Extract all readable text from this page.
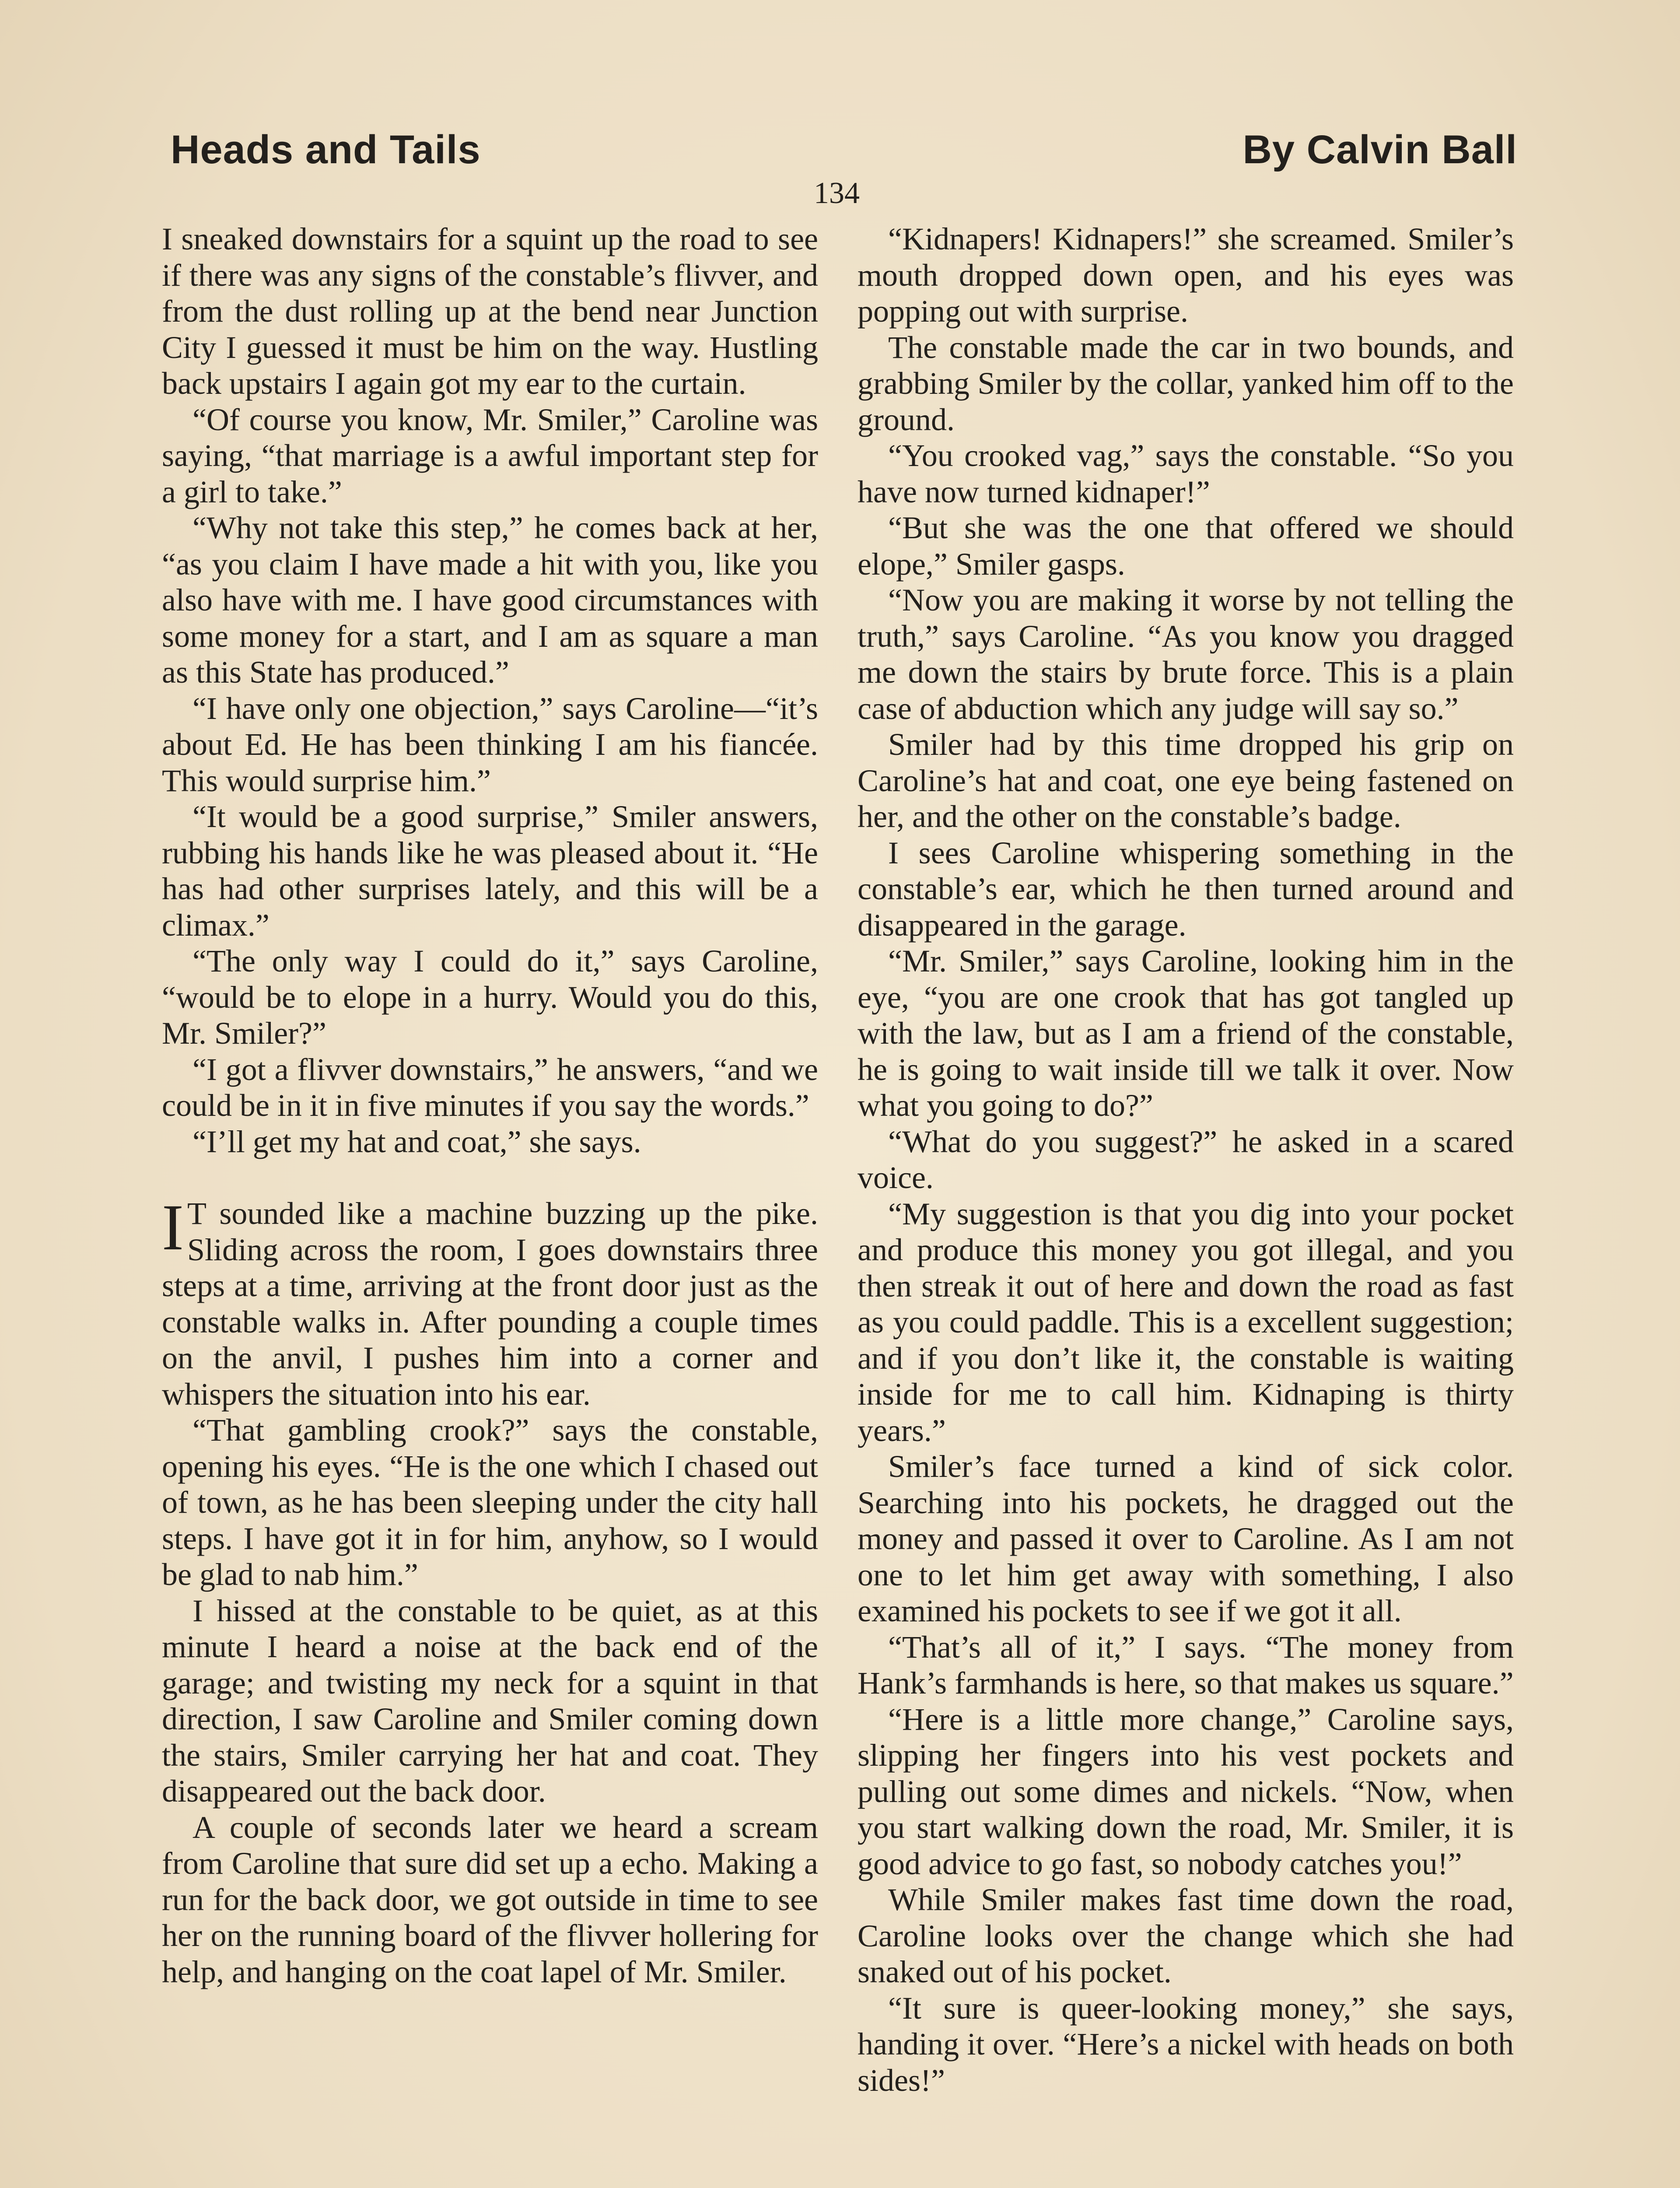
Heads and Tails	By Calvin Ball
134

I sneaked downstairs for a squint up the road to see if there was any signs of the constable’s flivver, and from the dust rolling up at the bend near Junction City I guessed it must be him on the way. Hustling back upstairs I again got my ear to the curtain.

“Of course you know, Mr. Smiler,” Caroline was saying, “that marriage is a awful important step for a girl to take.”

“Why not take this step,” he comes back at her, “as you claim I have made a hit with you, like you also have with me. I have good circumstances with some money for a start, and I am as square a man as this State has produced.”

“I have only one objection,” says Caroline—“it’s about Ed. He has been thinking I am his fiancée. This would surprise him.”

“It would be a good surprise,” Smiler answers, rubbing his hands like he was pleased about it. “He has had other surprises lately, and this will be a climax.”

“The only way I could do it,” says Caroline, “would be to elope in a hurry. Would you do this, Mr. Smiler?”

“I got a flivver downstairs,” he answers, “and we could be in it in five minutes if you say the words.”

“I’ll get my hat and coat,” she says.

I T sounded like a machine buzzing up the pike. Sliding across the room, I goes downstairs three steps at a time, arriving at the front door just as the constable walks in. After pounding a couple times on the anvil, I pushes him into a corner and whispers the situation into his ear.

“That gambling crook?” says the constable, opening his eyes. “He is the one which I chased out of town, as he has been sleeping under the city hall steps. I have got it in for him, anyhow, so I would be glad to nab him.”

I hissed at the constable to be quiet, as at this minute I heard a noise at the back end of the garage; and twisting my neck for a squint in that direction, I saw Caroline and Smiler coming down the stairs, Smiler carrying her hat and coat. They disappeared out the back door.

A couple of seconds later we heard a scream from Caroline that sure did set up a echo. Making a run for the back door, we got outside in time to see her on the running board of the flivver hollering for help, and hanging on the coat lapel of Mr. Smiler.

“Kidnapers! Kidnapers!” she screamed. Smiler’s mouth dropped down open, and his eyes was popping out with surprise.

The constable made the car in two bounds, and grabbing Smiler by the collar, yanked him off to the ground.

“You crooked vag,” says the constable. “So you have now turned kidnaper!”

“But she was the one that offered we should elope,” Smiler gasps.

“Now you are making it worse by not telling the truth,” says Caroline. “As you know you dragged me down the stairs by brute force. This is a plain case of abduction which any judge will say so.”

Smiler had by this time dropped his grip on Caroline’s hat and coat, one eye being fastened on her, and the other on the constable’s badge.

I sees Caroline whispering something in the constable’s ear, which he then turned around and disappeared in the garage.

“Mr. Smiler,” says Caroline, looking him in the eye, “you are one crook that has got tangled up with the law, but as I am a friend of the constable, he is going to wait inside till we talk it over. Now what you going to do?”

“What do you suggest?” he asked in a scared voice.

“My suggestion is that you dig into your pocket and produce this money you got illegal, and you then streak it out of here and down the road as fast as you could paddle. This is a excellent suggestion; and if you don’t like it, the constable is waiting inside for me to call him. Kidnaping is thirty years.”

Smiler’s face turned a kind of sick color. Searching into his pockets, he dragged out the money and passed it over to Caroline. As I am not one to let him get away with something, I also examined his pockets to see if we got it all.

“That’s all of it,” I says. “The money from Hank’s farmhands is here, so that makes us square.”

“Here is a little more change,” Caroline says, slipping her fingers into his vest pockets and pulling out some dimes and nickels. “Now, when you start walking down the road, Mr. Smiler, it is good advice to go fast, so nobody catches you!”

While Smiler makes fast time down the road, Caroline looks over the change which she had snaked out of his pocket.

“It sure is queer-looking money,” she says, handing it over. “Here’s a nickel with heads on both sides!”
